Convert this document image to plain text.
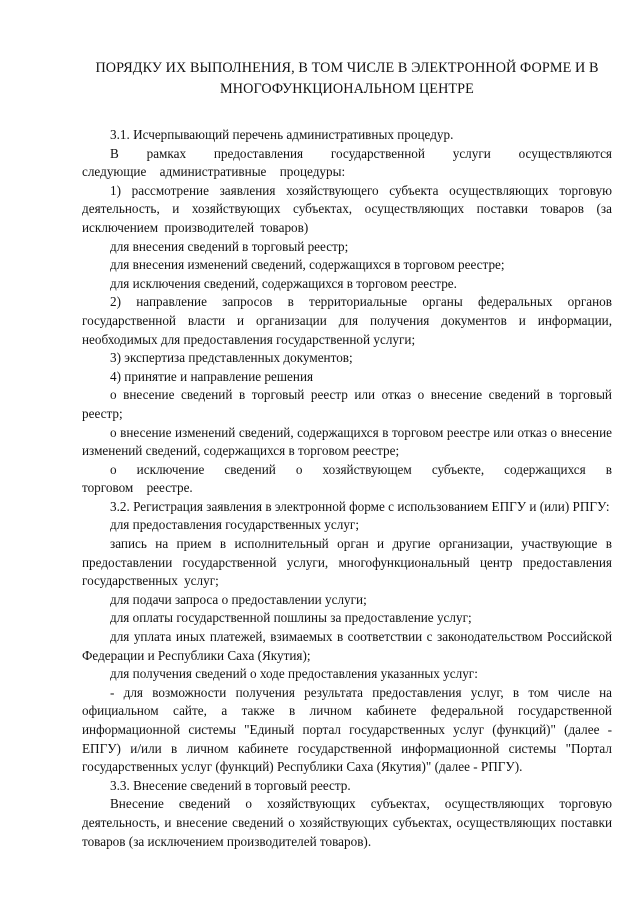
ПОРЯДКУ ИХ ВЫПОЛНЕНИЯ, В ТОМ ЧИСЛЕ В ЭЛЕКТРОННОЙ ФОРМЕ И В
МНОГОФУНКЦИОНАЛЬНОМ ЦЕНТРЕ

3.1. Исчерпывающий перечень административных процедур.

В рамках предоставления государственной услуги осуществляются следующие административные процедуры:

1) рассмотрение заявления хозяйствующего субъекта осуществляющих торговую деятельность, и хозяйствующих субъектах, осуществляющих поставки товаров (за исключением производителей товаров)

для внесения сведений в торговый реестр;

для внесения изменений сведений, содержащихся в торговом реестре;

для исключения сведений, содержащихся в торговом реестре.

2) направление запросов в территориальные органы федеральных органов государственной власти и организации для получения документов и информации, необходимых для предоставления государственной услуги;

3) экспертиза представленных документов;

4) принятие и направление решения

о внесение сведений в торговый реестр или отказ о внесение сведений в торговый реестр;

о внесение изменений сведений, содержащихся в торговом реестре или отказ о внесение изменений сведений, содержащихся в торговом реестре;

о исключение сведений о хозяйствующем субъекте, содержащихся в торговом реестре.

3.2. Регистрация заявления в электронной форме с использованием ЕПГУ и (или) РПГУ:

для предоставления государственных услуг;

запись на прием в исполнительный орган и другие организации, участвующие в предоставлении государственной услуги, многофункциональный центр предоставления государственных услуг;

для подачи запроса о предоставлении услуги;

для оплаты государственной пошлины за предоставление услуг;

для уплата иных платежей, взимаемых в соответствии с законодательством Российской Федерации и Республики Саха (Якутия);

для получения сведений о ходе предоставления указанных услуг:

- для возможности получения результата предоставления услуг, в том числе на официальном сайте, а также в личном кабинете федеральной государственной информационной системы "Единый портал государственных услуг (функций)" (далее - ЕПГУ) и/или в личном кабинете государственной информационной системы "Портал государственных услуг (функций) Республики Саха (Якутия)" (далее - РПГУ).

3.3. Внесение сведений в торговый реестр.

Внесение сведений о хозяйствующих субъектах, осуществляющих торговую деятельность, и внесение сведений о хозяйствующих субъектах, осуществляющих поставки товаров (за исключением производителей товаров).
